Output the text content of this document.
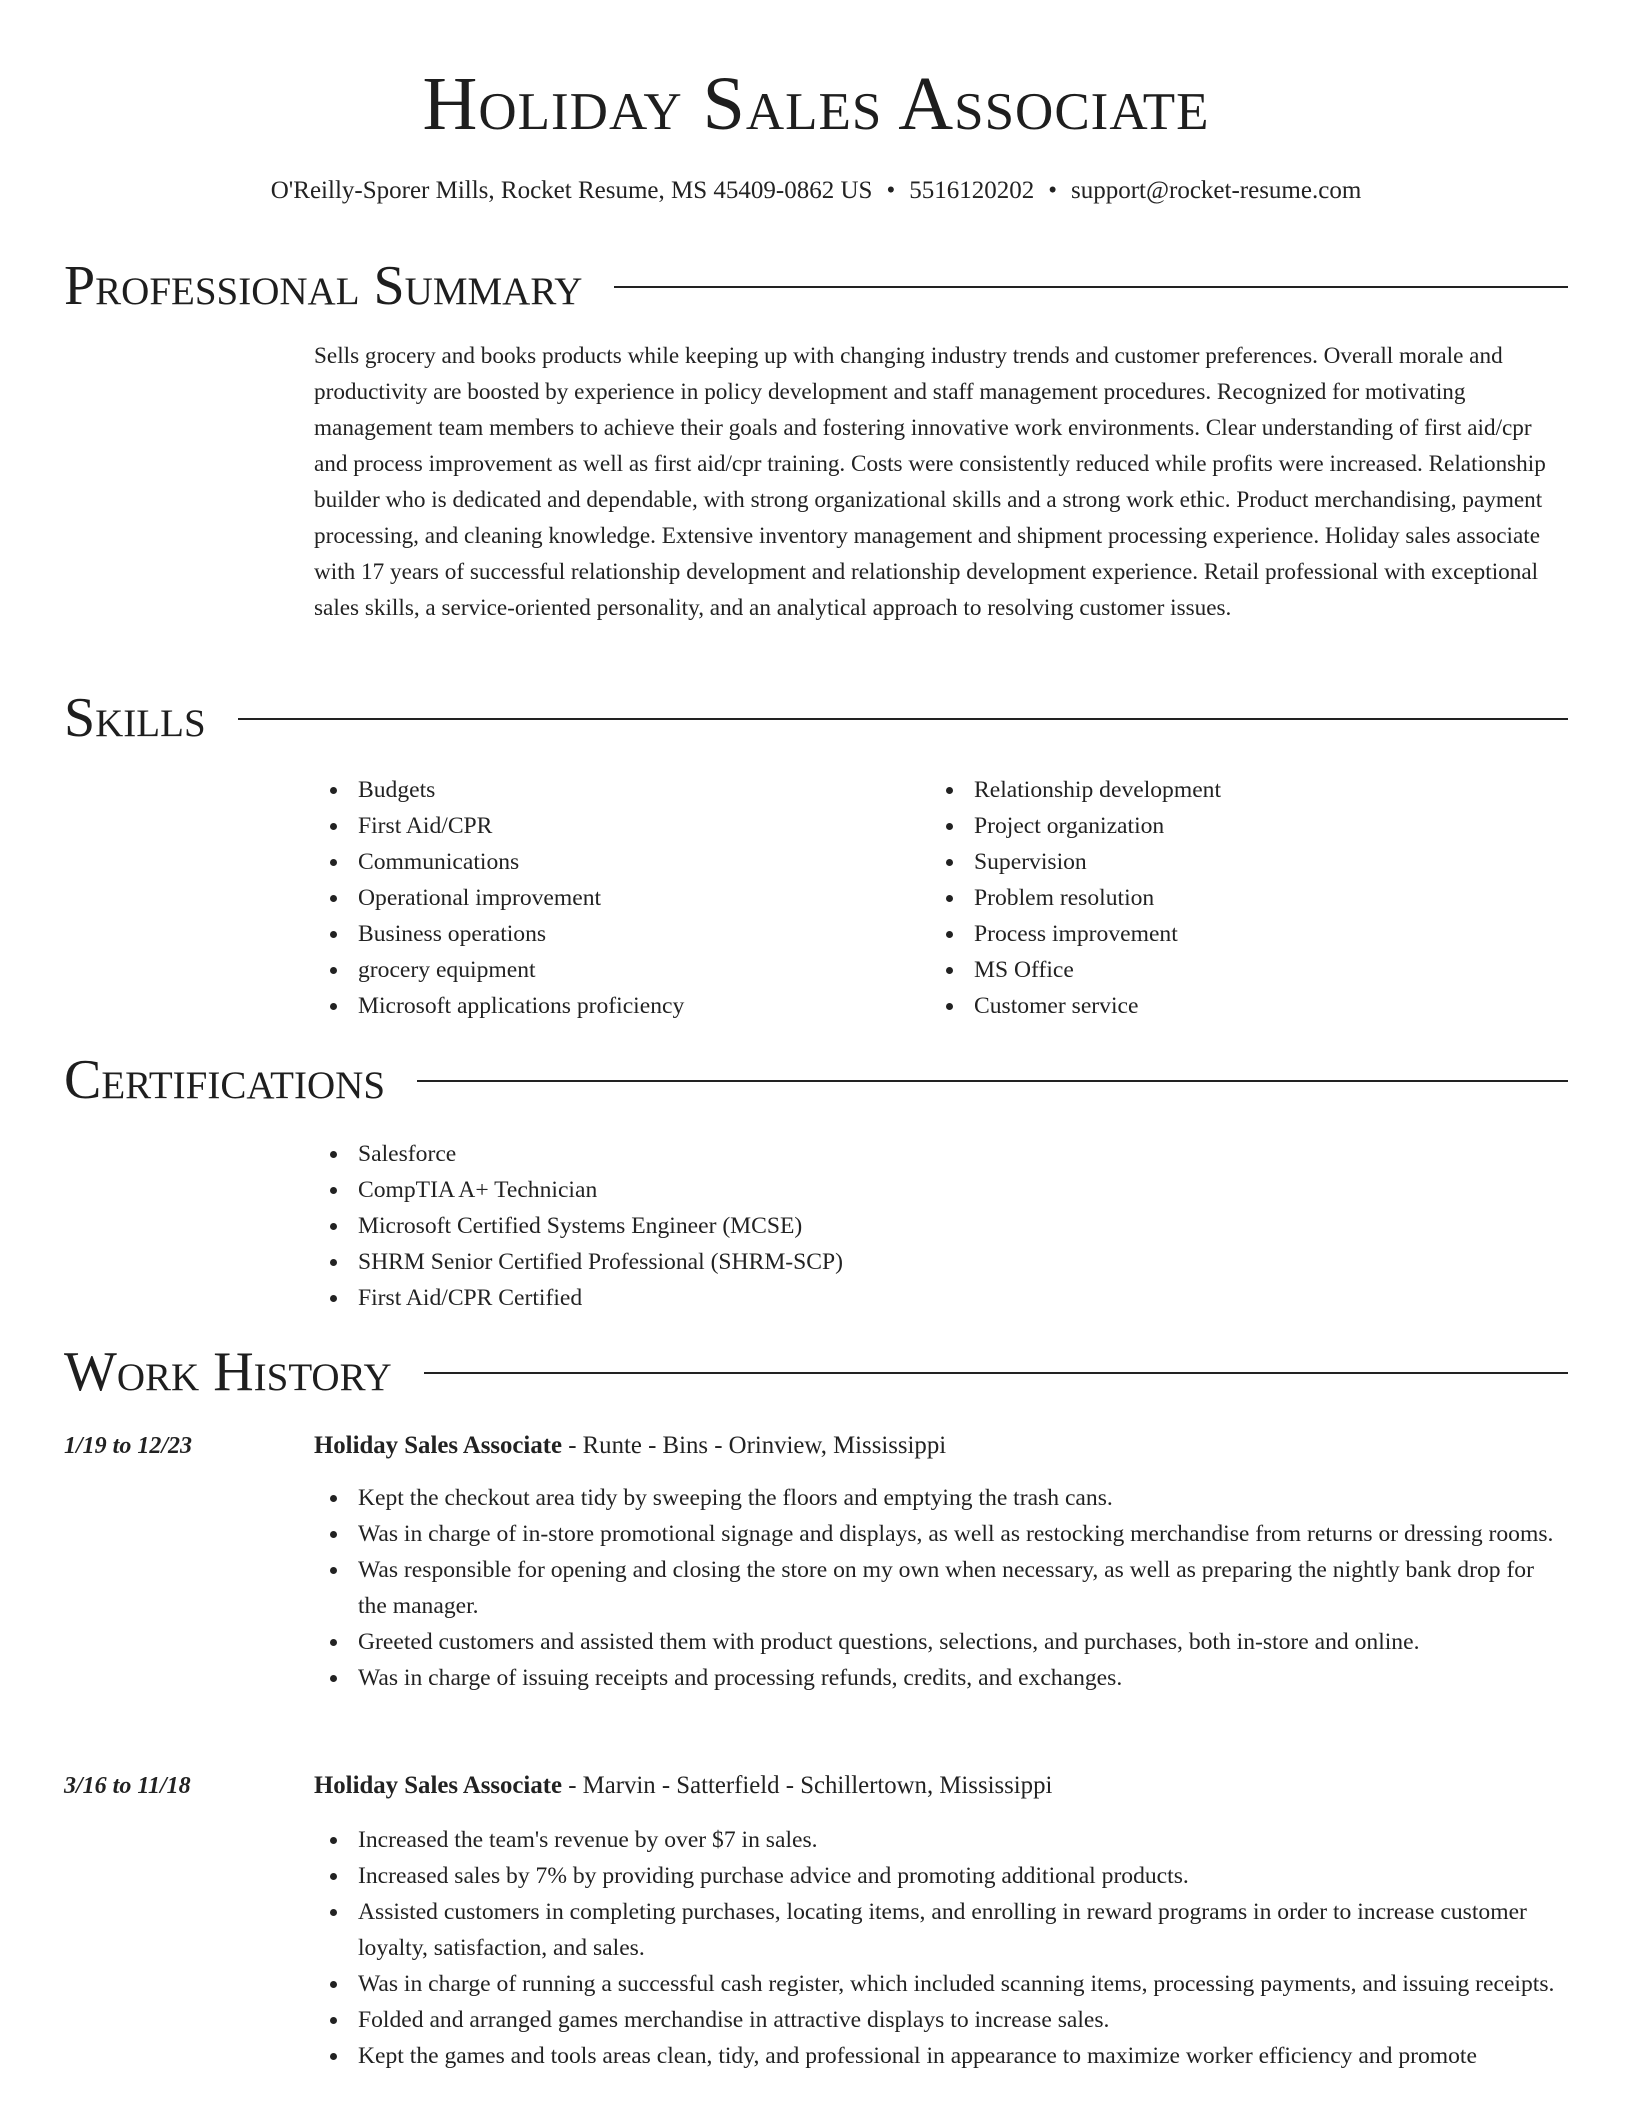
Holiday Sales Associate
O'Reilly-Sporer Mills, Rocket Resume, MS 45409-0862 US • 5516120202 • support@rocket-resume.com
Professional Summary

Sells grocery and books products while keeping up with changing industry trends and customer preferences. Overall morale and productivity are boosted by experience in policy development and staff management procedures. Recognized for motivating management team members to achieve their goals and fostering innovative work environments. Clear understanding of first aid/cpr and process improvement as well as first aid/cpr training. Costs were consistently reduced while profits were increased. Relationship builder who is dedicated and dependable, with strong organizational skills and a strong work ethic. Product merchandising, payment processing, and cleaning knowledge. Extensive inventory management and shipment processing experience. Holiday sales associate with 17 years of successful relationship development and relationship development experience. Retail professional with exceptional sales skills, a service-oriented personality, and an analytical approach to resolving customer issues.

Skills
Budgets
First Aid/CPR
Communications
Operational improvement
Business operations
grocery equipment
Microsoft applications proficiency
Relationship development
Project organization
Supervision
Problem resolution
Process improvement
MS Office
Customer service
Certifications
Salesforce
CompTIA A+ Technician
Microsoft Certified Systems Engineer (MCSE)
SHRM Senior Certified Professional (SHRM-SCP)
First Aid/CPR Certified
Work History
1/19 to 12/23	Holiday Sales Associate - Runte - Bins - Orinview, Mississippi
Kept the checkout area tidy by sweeping the floors and emptying the trash cans.
Was in charge of in-store promotional signage and displays, as well as restocking merchandise from returns or dressing rooms.
Was responsible for opening and closing the store on my own when necessary, as well as preparing the nightly bank drop for the manager.
Greeted customers and assisted them with product questions, selections, and purchases, both in-store and online.
Was in charge of issuing receipts and processing refunds, credits, and exchanges.
3/16 to 11/18	Holiday Sales Associate - Marvin - Satterfield - Schillertown, Mississippi
Increased the team's revenue by over $7 in sales.
Increased sales by 7% by providing purchase advice and promoting additional products.
Assisted customers in completing purchases, locating items, and enrolling in reward programs in order to increase customer loyalty, satisfaction, and sales.
Was in charge of running a successful cash register, which included scanning items, processing payments, and issuing receipts.
Folded and arranged games merchandise in attractive displays to increase sales.
Kept the games and tools areas clean, tidy, and professional in appearance to maximize worker efficiency and promote
